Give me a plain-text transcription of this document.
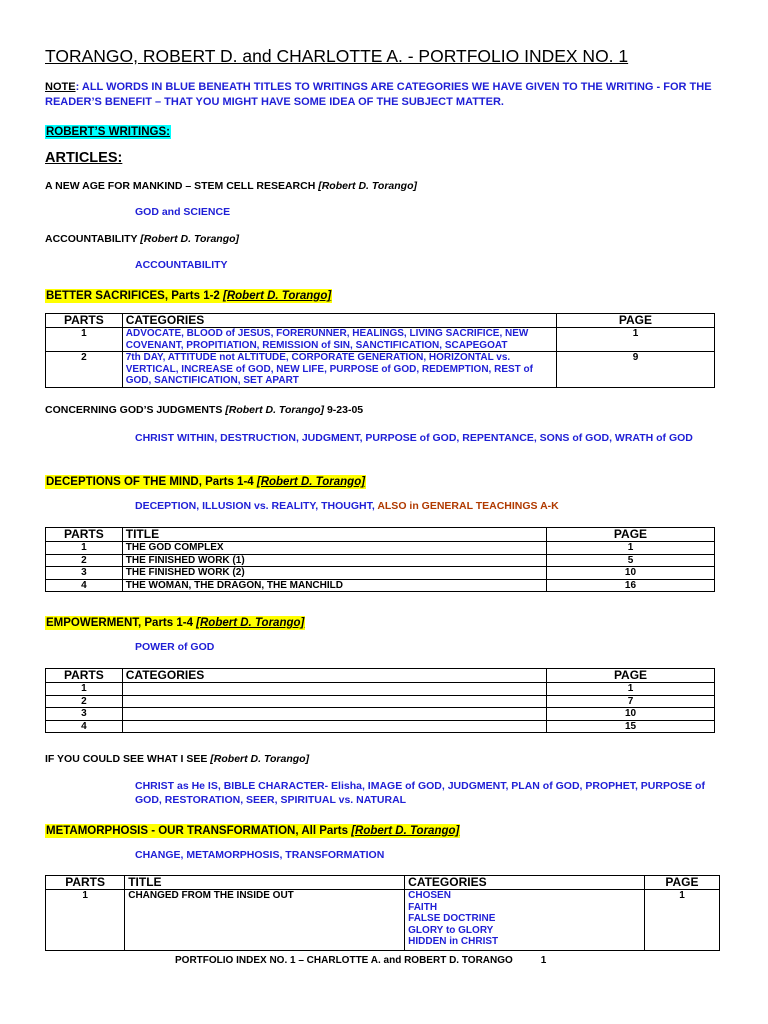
TORANGO, ROBERT D. and CHARLOTTE A. - PORTFOLIO INDEX NO. 1
NOTE: ALL WORDS IN BLUE BENEATH TITLES TO WRITINGS ARE CATEGORIES WE HAVE GIVEN TO THE WRITING - FOR THE READER’S BENEFIT – THAT YOU MIGHT HAVE SOME IDEA OF THE SUBJECT MATTER.
ROBERT’S WRITINGS:
ARTICLES:
A NEW AGE FOR MANKIND – STEM CELL RESEARCH [Robert D. Torango]
GOD and SCIENCE
ACCOUNTABILITY [Robert D. Torango]
ACCOUNTABILITY
BETTER SACRIFICES, Parts 1-2 [Robert D. Torango]
PARTS	CATEGORIES	PAGE
1	ADVOCATE, BLOOD of JESUS, FORERUNNER, HEALINGS, LIVING SACRIFICE, NEW COVENANT, PROPITIATION, REMISSION of SIN, SANCTIFICATION, SCAPEGOAT	1
2	7th DAY, ATTITUDE not ALTITUDE, CORPORATE GENERATION, HORIZONTAL vs. VERTICAL, INCREASE of GOD, NEW LIFE, PURPOSE of GOD, REDEMPTION, REST of GOD, SANCTIFICATION, SET APART	9
CONCERNING GOD’S JUDGMENTS [Robert D. Torango] 9-23-05
CHRIST WITHIN, DESTRUCTION, JUDGMENT, PURPOSE of GOD, REPENTANCE, SONS of GOD, WRATH of GOD
DECEPTIONS OF THE MIND, Parts 1-4 [Robert D. Torango]
DECEPTION, ILLUSION vs. REALITY, THOUGHT, ALSO in GENERAL TEACHINGS A-K
PARTS	TITLE	PAGE
1	THE GOD COMPLEX	1
2	THE FINISHED WORK (1)	5
3	THE FINISHED WORK (2)	10
4	THE WOMAN, THE DRAGON, THE MANCHILD	16
EMPOWERMENT, Parts 1-4 [Robert D. Torango]
POWER of GOD
PARTS	CATEGORIES	PAGE
1		1
2		7
3		10
4		15
IF YOU COULD SEE WHAT I SEE [Robert D. Torango]
CHRIST as He IS, BIBLE CHARACTER- Elisha, IMAGE of GOD, JUDGMENT, PLAN of GOD, PROPHET, PURPOSE of GOD, RESTORATION, SEER, SPIRITUAL vs. NATURAL
METAMORPHOSIS - OUR TRANSFORMATION, All Parts [Robert D. Torango]
CHANGE, METAMORPHOSIS, TRANSFORMATION
PARTS	TITLE	CATEGORIES	PAGE
1	CHANGED FROM THE INSIDE OUT	CHOSEN
FAITH
FALSE DOCTRINE
GLORY to GLORY
HIDDEN in CHRIST	1
PORTFOLIO INDEX NO. 1 – CHARLOTTE A. and ROBERT D. TORANGO	1
